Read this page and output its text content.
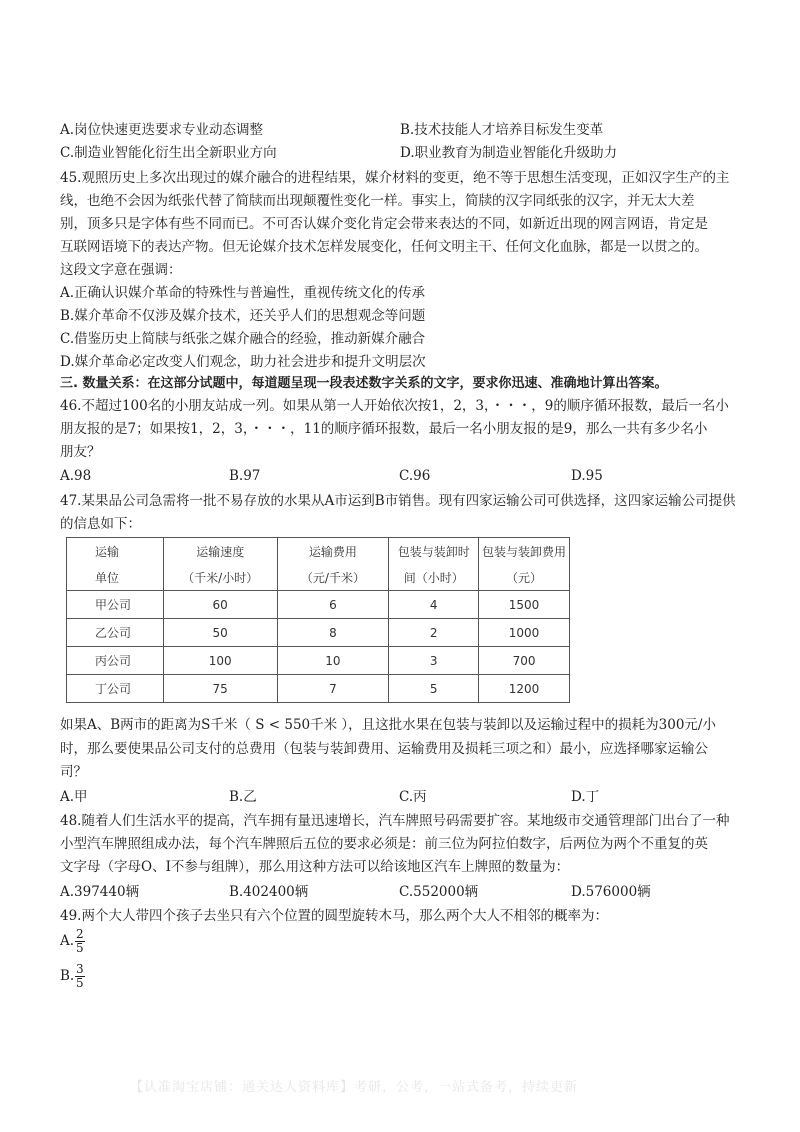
A.岗位快速更迭要求专业动态调整	B.技术技能人才培养目标发生变革
C.制造业智能化衍生出全新职业方向	D.职业教育为制造业智能化升级助力
45.观照历史上多次出现过的媒介融合的进程结果，媒介材料的变更，绝不等于思想生活变现，正如汉字生产的主
线，也绝不会因为纸张代替了简牍而出现颠覆性变化一样。事实上，简牍的汉字同纸张的汉字，并无太大差
别，顶多只是字体有些不同而已。不可否认媒介变化肯定会带来表达的不同，如新近出现的网言网语，肯定是
互联网语境下的表达产物。但无论媒介技术怎样发展变化，任何文明主干、任何文化血脉，都是一以贯之的。
这段文字意在强调：
A.正确认识媒介革命的特殊性与普遍性，重视传统文化的传承
B.媒介革命不仅涉及媒介技术，还关乎人们的思想观念等问题
C.借鉴历史上简牍与纸张之媒介融合的经验，推动新媒介融合
D.媒介革命必定改变人们观念，助力社会进步和提升文明层次
三. 数量关系：在这部分试题中，每道题呈现一段表述数字关系的文字，要求你迅速、准确地计算出答案。
46.不超过100名的小朋友站成一列。如果从第一人开始依次按1，2，3，・・・，9的顺序循环报数，最后一名小
朋友报的是7；如果按1，2，3，・・・，11的顺序循环报数，最后一名小朋友报的是9，那么一共有多少名小
朋友？
A.98	B.97	C.96	D.95
47.某果品公司急需将一批不易存放的水果从A市运到B市销售。现有四家运输公司可供选择，这四家运输公司提供
的信息如下：
运输	运输速度	运输费用	包装与装卸时	包装与装卸费用
单位	（千米/小时）	（元/千米）	间（小时）	（元）
甲公司	60	6	4	1500
乙公司	50	8	2	1000
丙公司	100	10	3	700
丁公司	75	7	5	1200
如果A、B两市的距离为S千米（ S < 550千米 ），且这批水果在包装与装卸以及运输过程中的损耗为300元/小
时，那么要使果品公司支付的总费用（包装与装卸费用、运输费用及损耗三项之和）最小，应选择哪家运输公
司？
A.甲	B.乙	C.丙	D.丁
48.随着人们生活水平的提高，汽车拥有量迅速增长，汽车牌照号码需要扩容。某地级市交通管理部门出台了一种
小型汽车牌照组成办法，每个汽车牌照后五位的要求必须是：前三位为阿拉伯数字，后两位为两个不重复的英
文字母（字母O、I不参与组牌），那么用这种方法可以给该地区汽车上牌照的数量为：
A.397440辆	B.402400辆	C.552000辆	D.576000辆
49.两个大人带四个孩子去坐只有六个位置的圆型旋转木马，那么两个大人不相邻的概率为：
A. $\frac{2}{5}$
B. $\frac{3}{5}$
【认准淘宝店铺：通关达人资料库】考研，公考，一站式备考，持续更新
